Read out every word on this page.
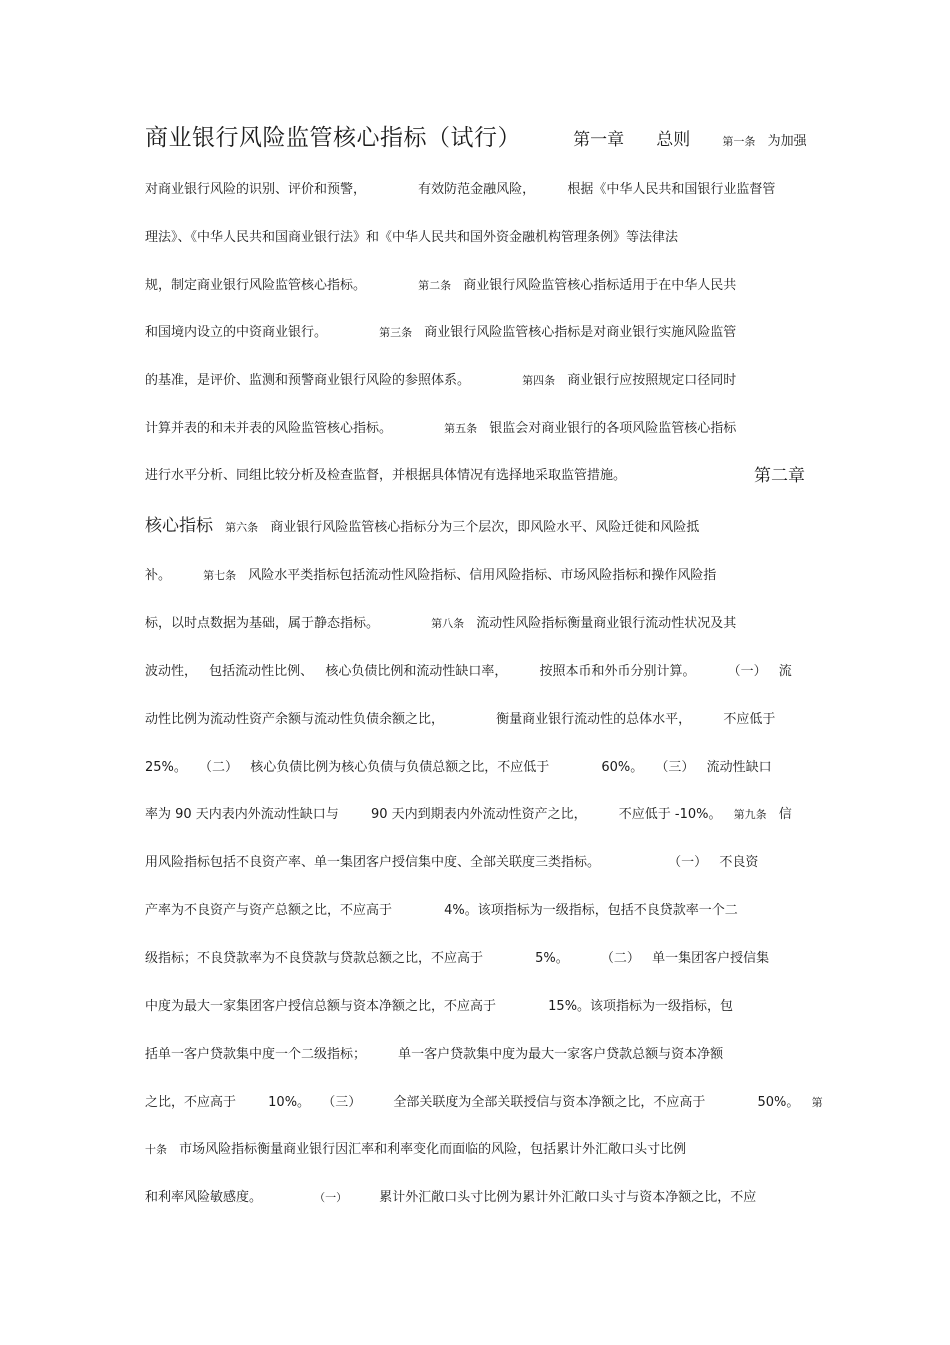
商业银行风险监管核心指标（试行）	第一章 总则	第一条 为加强
对商业银行风险的识别、评价和预警，	有效防范金融风险， 根据《中华人民共和国银行业监督管
理法》、《中华人民共和国商业银行法》和《中华人民共和国外资金融机构管理条例》等法律法
规，制定商业银行风险监管核心指标。	第二条 商业银行风险监管核心指标适用于在中华人民共
和国境内设立的中资商业银行。	第三条 商业银行风险监管核心指标是对商业银行实施风险监管
的基准，是评价、监测和预警商业银行风险的参照体系。	第四条 商业银行应按照规定口径同时
计算并表的和未并表的风险监管核心指标。	第五条 银监会对商业银行的各项风险监管核心指标
进行水平分析、同组比较分析及检查监督，并根据具体情况有选择地采取监管措施。	第二章
核心指标 第六条 商业银行风险监管核心指标分为三个层次，即风险水平、风险迁徙和风险抵
补。	第七条 风险水平类指标包括流动性风险指标、信用风险指标、市场风险指标和操作风险指
标，以时点数据为基础，属于静态指标。	第八条 流动性风险指标衡量商业银行流动性状况及其
波动性， 包括流动性比例、 核心负债比例和流动性缺口率， 按照本币和外币分别计算。 （一） 流
动性比例为流动性资产余额与流动性负债余额之比，	衡量商业银行流动性的总体水平， 不应低于
25%。 （二） 核心负债比例为核心负债与负债总额之比，不应低于	60%。 （三） 流动性缺口
率为 90 天内表内外流动性缺口与 90 天内到期表内外流动性资产之比， 不应低于 -10%。 第九条 信
用风险指标包括不良资产率、单一集团客户授信集中度、全部关联度三类指标。	（一） 不良资
产率为不良资产与资产总额之比，不应高于	4%。该项指标为一级指标，包括不良贷款率一个二
级指标；不良贷款率为不良贷款与贷款总额之比，不应高于	5%。 （二） 单一集团客户授信集
中度为最大一家集团客户授信总额与资本净额之比，不应高于	15%。该项指标为一级指标，包
括单一客户贷款集中度一个二级指标； 单一客户贷款集中度为最大一家客户贷款总额与资本净额
之比，不应高于 10%。 （三） 全部关联度为全部关联授信与资本净额之比，不应高于	50%。 第
十条 市场风险指标衡量商业银行因汇率和利率变化而面临的风险，包括累计外汇敞口头寸比例
和利率风险敏感度。	（一） 累计外汇敞口头寸比例为累计外汇敞口头寸与资本净额之比，不应
